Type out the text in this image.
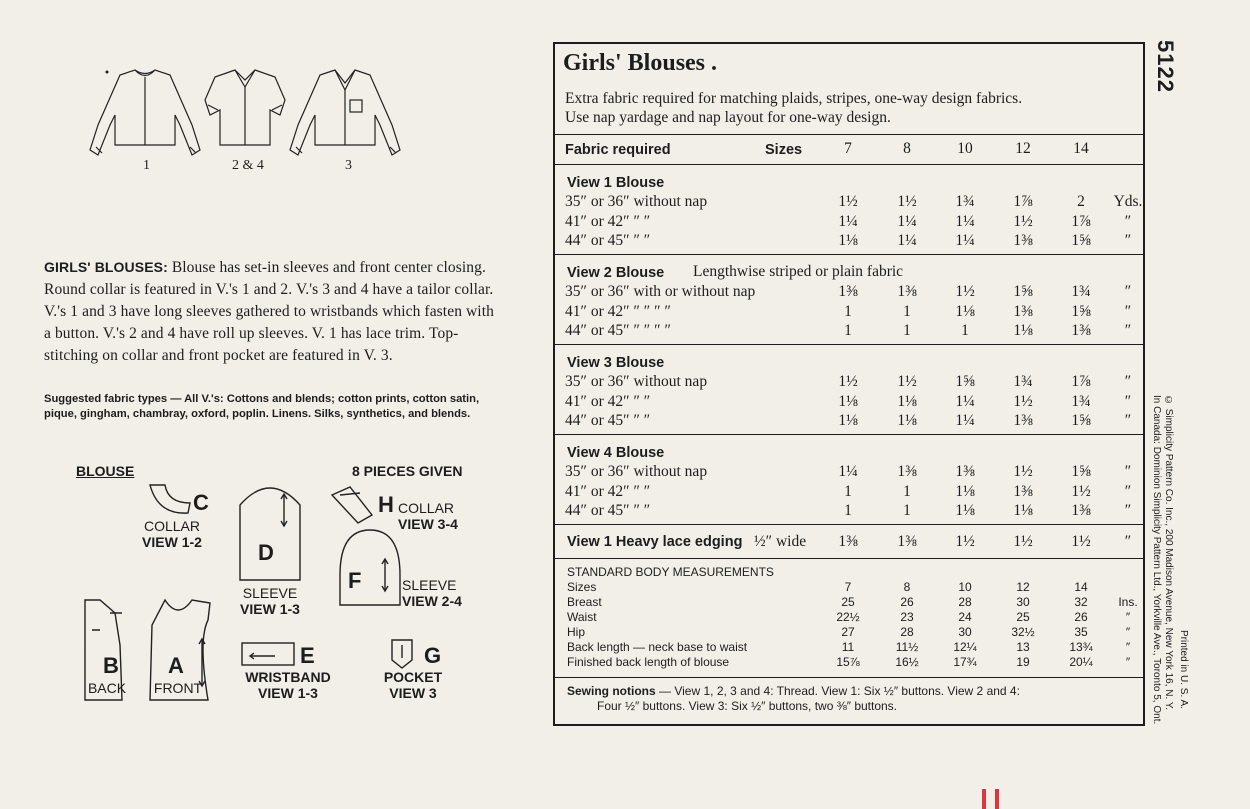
1	2 & 4	3
GIRLS' BLOUSES: Blouse has set-in sleeves and front center closing. Round collar is featured in V.'s 1 and 2. V.'s 3 and 4 have a tailor collar. V.'s 1 and 3 have long sleeves gathered to wristbands which fasten with a button. V.'s 2 and 4 have roll up sleeves. V. 1 has lace trim. Top-stitching on collar and front pocket are featured in V. 3.
Suggested fabric types — All V.'s: Cottons and blends; cotton prints, cotton satin, pique, gingham, chambray, oxford, poplin. Linens. Silks, synthetics, and blends.
BLOUSE	8 PIECES GIVEN
C
COLLAR
VIEW 1-2	D
SLEEVE
VIEW 1-3
H COLLAR
VIEW 3-4
F	SLEEVE
VIEW 2-4
B
BACK
A
FRONT
E
WRISTBAND
VIEW 1-3
G
POCKET
VIEW 3
Girls' Blouses .
Extra fabric required for matching plaids, stripes, one-way design fabrics.
Use nap yardage and nap layout for one-way design.
Fabric required	Sizes	7	8	10	12	14
View 1 Blouse
35″ or 36″ without nap	1½	1½	1¾	1⅞	2	Yds.
41″ or 42″ ″ ″	1¼	1¼	1¼	1½	1⅞	″
44″ or 45″ ″ ″	1⅛	1¼	1¼	1⅜	1⅝	″
View 2 Blouse Lengthwise striped or plain fabric
35″ or 36″ with or without nap	1⅜	1⅜	1½	1⅝	1¾	″
41″ or 42″ ″ ″ ″ ″	1	1	1⅛	1⅜	1⅝	″
44″ or 45″ ″ ″ ″ ″	1	1	1	1⅛	1⅜	″
View 3 Blouse
35″ or 36″ without nap	1½	1½	1⅝	1¾	1⅞	″
41″ or 42″ ″ ″	1⅛	1⅛	1¼	1½	1¾	″
44″ or 45″ ″ ″	1⅛	1⅛	1¼	1⅜	1⅝	″
View 4 Blouse
35″ or 36″ without nap	1¼	1⅜	1⅜	1½	1⅝	″
41″ or 42″ ″ ″	1	1	1⅛	1⅜	1½	″
44″ or 45″ ″ ″	1	1	1⅛	1⅛	1⅜	″
View 1 Heavy lace edging ½″ wide	1⅜	1⅜	1½	1½	1½	″
STANDARD BODY MEASUREMENTS
Sizes	7	8	10	12	14
Breast	25	26	28	30	32	Ins.
Waist	22½	23	24	25	26	″
Hip	27	28	30	32½	35	″
Back length — neck base to waist	11	11½	12¼	13	13¾	″
Finished back length of blouse	15⅞	16½	17¾	19	20¼	″
Sewing notions — View 1, 2, 3 and 4: Thread. View 1: Six ½″ buttons. View 2 and 4:
Four ½″ buttons. View 3: Six ½″ buttons, two ⅜″ buttons.
5122
© Simplicity Pattern Co. Inc., 200 Madison Avenue, New York 16, N. Y.
In Canada: Dominion Simplicity Pattern Ltd., Yorkville Ave., Toronto 5, Ont. Printed in U. S. A.
